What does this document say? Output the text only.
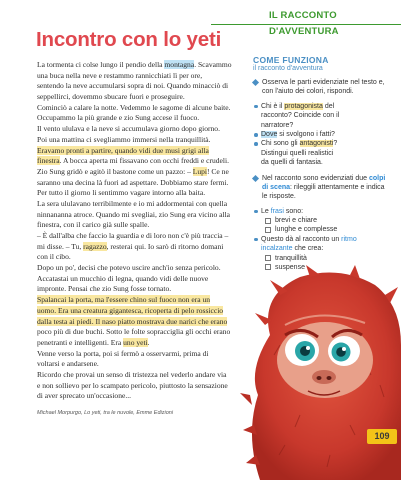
IL RACCONTO D'AVVENTURA
Incontro con lo yeti

La tormenta ci colse lungo il pendio della montagna. Scavammo

una buca nella neve e restammo rannicchiati lì per ore,

sentendo la neve accumularsi sopra di noi. Quando minacciò di

seppellirci, dovemmo sbucare fuori e proseguire.

Cominciò a calare la notte. Vedemmo le sagome di alcune baite.

Occupammo la più grande e zio Sung accese il fuoco.

Il vento ululava e la neve si accumulava giorno dopo giorno.

Poi una mattina ci svegliammo immersi nella tranquillità.

Eravamo pronti a partire, quando vidi due musi grigi alla

finestra. A bocca aperta mi fissavano con occhi freddi e crudeli.

Zio Sung gridò e agitò il bastone come un pazzo: – Lupi! Ce ne

saranno una decina là fuori ad aspettare. Dobbiamo stare fermi.

Per tutto il giorno li sentimmo vagare intorno alla baita.

La sera ululavano terribilmente e io mi addormentai con quella

ninnananna atroce. Quando mi svegliai, zio Sung era vicino alla

finestra, con il carico già sulle spalle.

– È dall'alba che faccio la guardia e di loro non c'è più traccia –

mi disse. – Tu, ragazzo, resterai qui. Io sarò di ritorno domani

con il cibo.

Dopo un po', decisi che potevo uscire anch'io senza pericolo.

Accatastai un mucchio di legna, quando vidi delle nuove

impronte. Pensai che zio Sung fosse tornato.

Spalancai la porta, ma l'essere chino sul fuoco non era un

uomo. Era una creatura gigantesca, ricoperta di pelo rossiccio

dalla testa ai piedi. Il naso piatto mostrava due narici che erano

poco più di due buchi. Sotto le folte sopracciglia gli occhi erano

penetranti e intelligenti. Era uno yeti.

Venne verso la porta, poi si fermò a osservarmi, prima di

voltarsi e andarsene.

Ricordo che provai un senso di tristezza nel vederlo andare via

e non sollievo per lo scampato pericolo, piuttosto la sensazione

di aver sprecato un'occasione...

Michael Morpurgo, Lo yeti, tra le nuvole, Emme Edizioni
COME FUNZIONA
il racconto d'avventura
Osserva le parti evidenziate nel testo e, con l'aiuto dei colori, rispondi.
Chi è il protagonista del
racconto? Coincide con il
narratore?
Dove si svolgono i fatti?
Chi sono gli antagonisti?
Distingui quelli realistici
da quelli di fantasia.
Nel racconto sono evidenziati due colpi di scena: rileggili attentamente e indica le risposte.
Le frasi sono:
brevi e chiare
lunghe e complesse
Questo dà al racconto un ritmo incalzante che crea:
tranquillità
suspense
109
